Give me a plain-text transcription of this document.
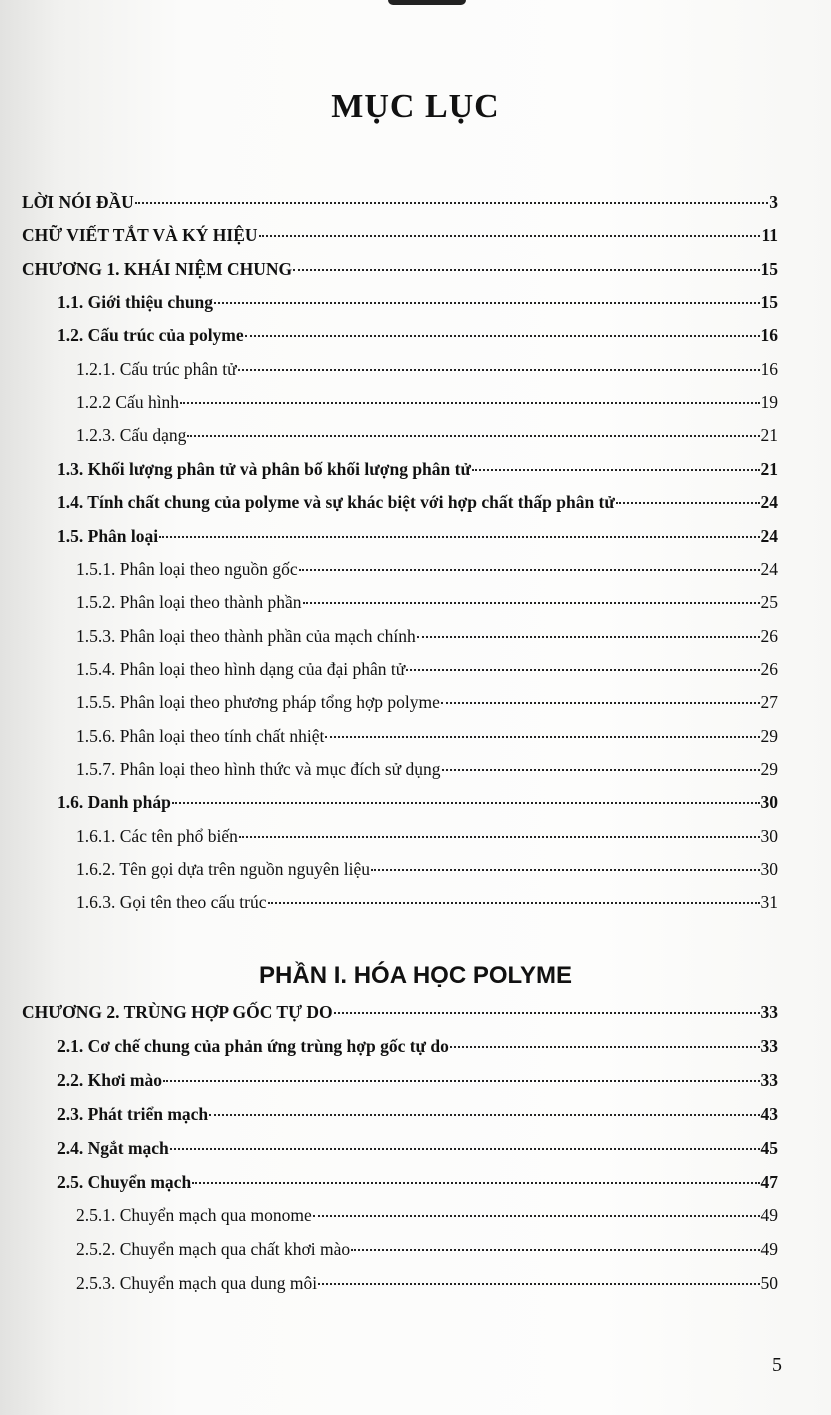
MỤC LỤC
LỜI NÓI ĐẦU	3
CHỮ VIẾT TẮT VÀ KÝ HIỆU	11
CHƯƠNG 1. KHÁI NIỆM CHUNG	15
1.1. Giới thiệu chung	15
1.2. Cấu trúc của polyme	16
1.2.1. Cấu trúc phân tử	16
1.2.2 Cấu hình	19
1.2.3. Cấu dạng	21
1.3. Khối lượng phân tử và phân bố khối lượng phân tử	21
1.4. Tính chất chung của polyme và sự khác biệt với hợp chất thấp phân tử	24
1.5. Phân loại	24
1.5.1. Phân loại theo nguồn gốc	24
1.5.2. Phân loại theo thành phần	25
1.5.3. Phân loại theo thành phần của mạch chính	26
1.5.4. Phân loại theo hình dạng của đại phân tử	26
1.5.5. Phân loại theo phương pháp tổng hợp polyme	27
1.5.6. Phân loại theo tính chất nhiệt	29
1.5.7. Phân loại theo hình thức và mục đích sử dụng	29
1.6. Danh pháp	30
1.6.1. Các tên phổ biến	30
1.6.2. Tên gọi dựa trên nguồn nguyên liệu	30
1.6.3. Gọi tên theo cấu trúc	31
PHẦN I. HÓA HỌC POLYME
CHƯƠNG 2. TRÙNG HỢP GỐC TỰ DO	33
2.1. Cơ chế chung của phản ứng trùng hợp gốc tự do	33
2.2. Khơi mào	33
2.3. Phát triển mạch	43
2.4. Ngắt mạch	45
2.5. Chuyển mạch	47
2.5.1. Chuyển mạch qua monome	49
2.5.2. Chuyển mạch qua chất khơi mào	49
2.5.3. Chuyển mạch qua dung môi	50
5
